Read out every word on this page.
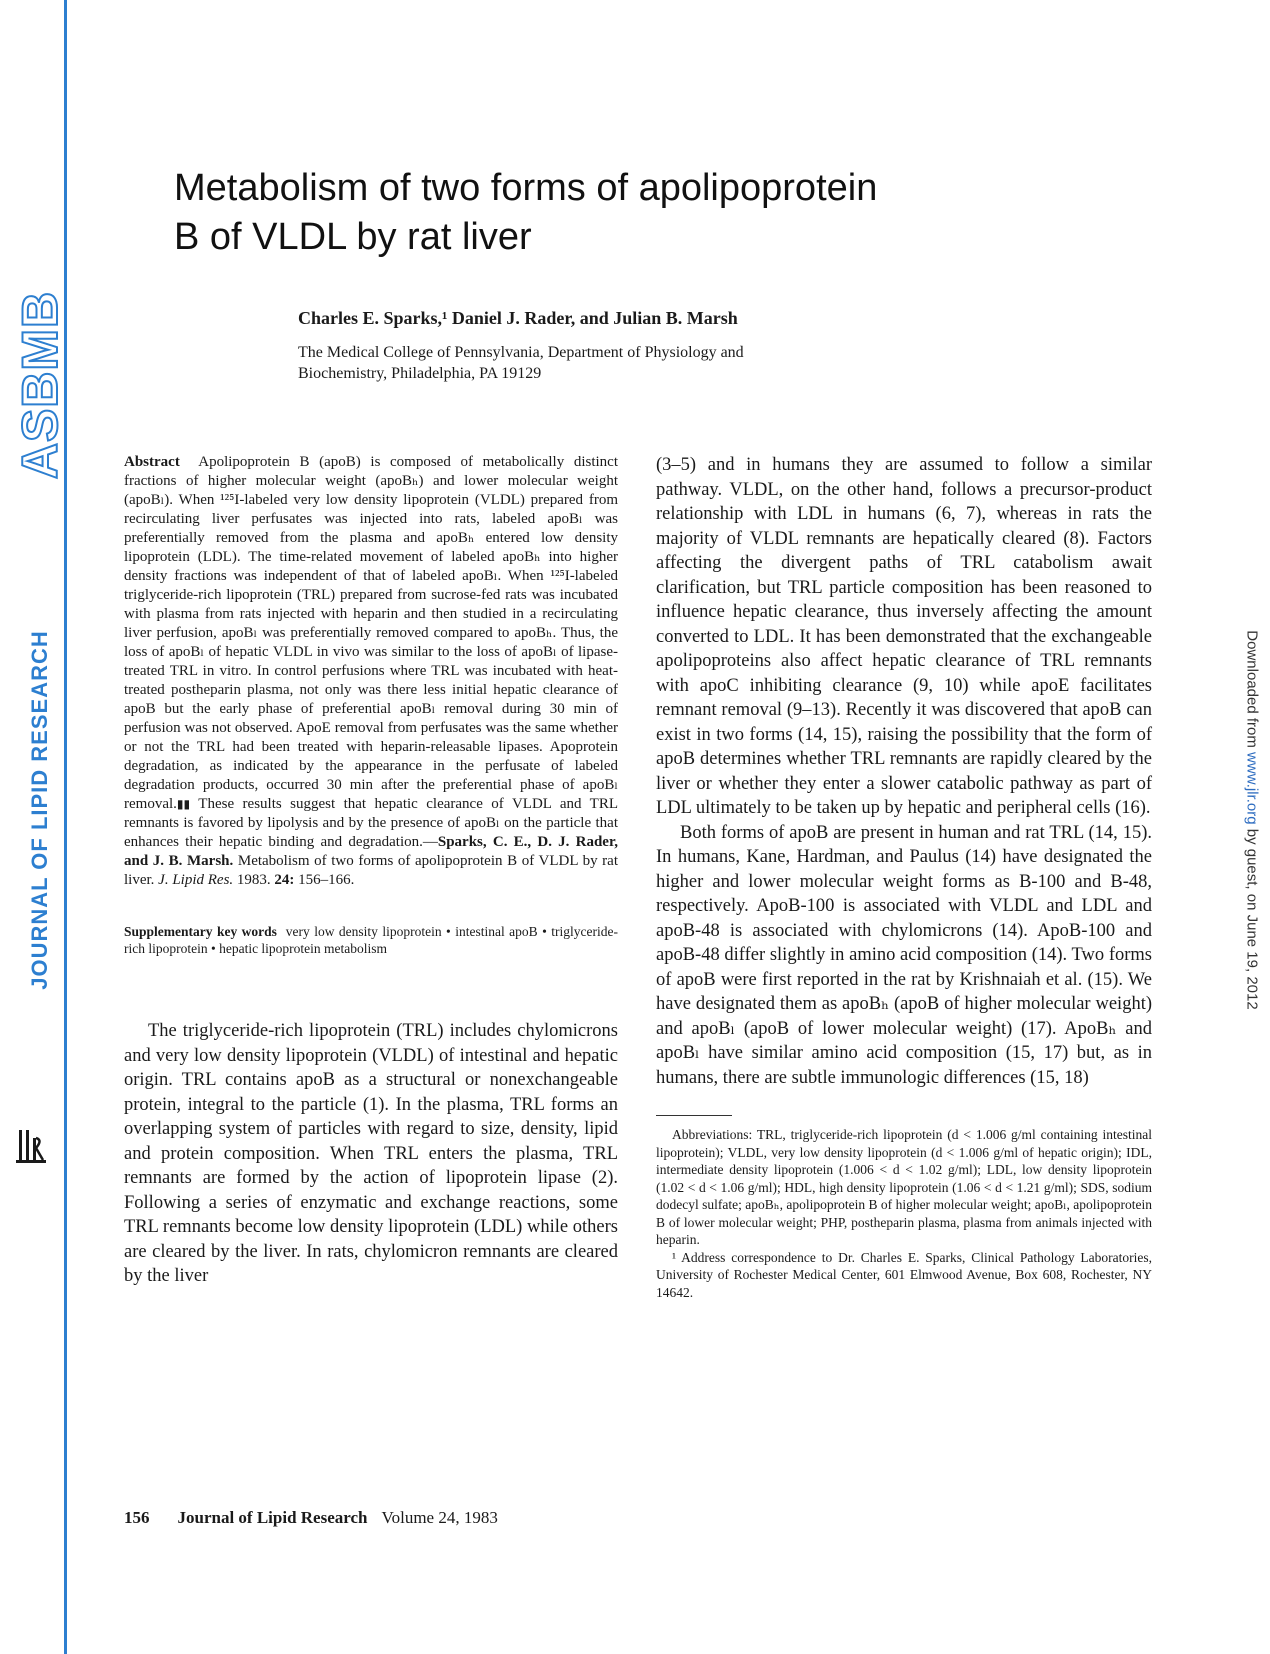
ASBMB
JOURNAL OF LIPID RESEARCH	Downloaded from www.jlr.org by guest, on June 19, 2012
Metabolism of two forms of apolipoprotein
B of VLDL by rat liver

Charles E. Sparks,¹ Daniel J. Rader, and Julian B. Marsh

The Medical College of Pennsylvania, Department of Physiology and
Biochemistry, Philadelphia, PA 19129

Abstract Apolipoprotein B (apoB) is composed of metabolically distinct fractions of higher molecular weight (apoBₕ) and lower molecular weight (apoBₗ). When ¹²⁵I-labeled very low density lipoprotein (VLDL) prepared from recirculating liver perfusates was injected into rats, labeled apoBₗ was preferentially removed from the plasma and apoBₕ entered low density lipoprotein (LDL). The time-related movement of labeled apoBₕ into higher density fractions was independent of that of labeled apoBₗ. When ¹²⁵I-labeled triglyceride-rich lipoprotein (TRL) prepared from sucrose-fed rats was incubated with plasma from rats injected with heparin and then studied in a recirculating liver perfusion, apoBₗ was preferentially removed compared to apoBₕ. Thus, the loss of apoBₗ of hepatic VLDL in vivo was similar to the loss of apoBₗ of lipase-treated TRL in vitro. In control perfusions where TRL was incubated with heat-treated postheparin plasma, not only was there less initial hepatic clearance of apoB but the early phase of preferential apoBₗ removal during 30 min of perfusion was not observed. ApoE removal from perfusates was the same whether or not the TRL had been treated with heparin-releasable lipases. Apoprotein degradation, as indicated by the appearance in the perfusate of labeled degradation products, occurred 30 min after the preferential phase of apoBₗ removal.▮▮ These results suggest that hepatic clearance of VLDL and TRL remnants is favored by lipolysis and by the presence of apoBₗ on the particle that enhances their hepatic binding and degradation.—Sparks, C. E., D. J. Rader, and J. B. Marsh. Metabolism of two forms of apolipoprotein B of VLDL by rat liver. J. Lipid Res. 1983. 24: 156–166.

Supplementary key words very low density lipoprotein • intestinal apoB • triglyceride-rich lipoprotein • hepatic lipoprotein metabolism

The triglyceride-rich lipoprotein (TRL) includes chylomicrons and very low density lipoprotein (VLDL) of intestinal and hepatic origin. TRL contains apoB as a structural or nonexchangeable protein, integral to the particle (1). In the plasma, TRL forms an overlapping system of particles with regard to size, density, lipid and protein composition. When TRL enters the plasma, TRL remnants are formed by the action of lipoprotein lipase (2). Following a series of enzymatic and exchange reactions, some TRL remnants become low density lipoprotein (LDL) while others are cleared by the liver. In rats, chylomicron remnants are cleared by the liver

(3–5) and in humans they are assumed to follow a similar pathway. VLDL, on the other hand, follows a precursor-product relationship with LDL in humans (6, 7), whereas in rats the majority of VLDL remnants are hepatically cleared (8). Factors affecting the divergent paths of TRL catabolism await clarification, but TRL particle composition has been reasoned to influence hepatic clearance, thus inversely affecting the amount converted to LDL. It has been demonstrated that the exchangeable apolipoproteins also affect hepatic clearance of TRL remnants with apoC inhibiting clearance (9, 10) while apoE facilitates remnant removal (9–13). Recently it was discovered that apoB can exist in two forms (14, 15), raising the possibility that the form of apoB determines whether TRL remnants are rapidly cleared by the liver or whether they enter a slower catabolic pathway as part of LDL ultimately to be taken up by hepatic and peripheral cells (16).

Both forms of apoB are present in human and rat TRL (14, 15). In humans, Kane, Hardman, and Paulus (14) have designated the higher and lower molecular weight forms as B-100 and B-48, respectively. ApoB-100 is associated with VLDL and LDL and apoB-48 is associated with chylomicrons (14). ApoB-100 and apoB-48 differ slightly in amino acid composition (14). Two forms of apoB were first reported in the rat by Krishnaiah et al. (15). We have designated them as apoBₕ (apoB of higher molecular weight) and apoBₗ (apoB of lower molecular weight) (17). ApoBₕ and apoBₗ have similar amino acid composition (15, 17) but, as in humans, there are subtle immunologic differences (15, 18)

Abbreviations: TRL, triglyceride-rich lipoprotein (d < 1.006 g/ml containing intestinal lipoprotein); VLDL, very low density lipoprotein (d < 1.006 g/ml of hepatic origin); IDL, intermediate density lipoprotein (1.006 < d < 1.02 g/ml); LDL, low density lipoprotein (1.02 < d < 1.06 g/ml); HDL, high density lipoprotein (1.06 < d < 1.21 g/ml); SDS, sodium dodecyl sulfate; apoBₕ, apolipoprotein B of higher molecular weight; apoBₗ, apolipoprotein B of lower molecular weight; PHP, postheparin plasma, plasma from animals injected with heparin.

¹ Address correspondence to Dr. Charles E. Sparks, Clinical Pathology Laboratories, University of Rochester Medical Center, 601 Elmwood Avenue, Box 608, Rochester, NY 14642.

156 Journal of Lipid Research Volume 24, 1983
